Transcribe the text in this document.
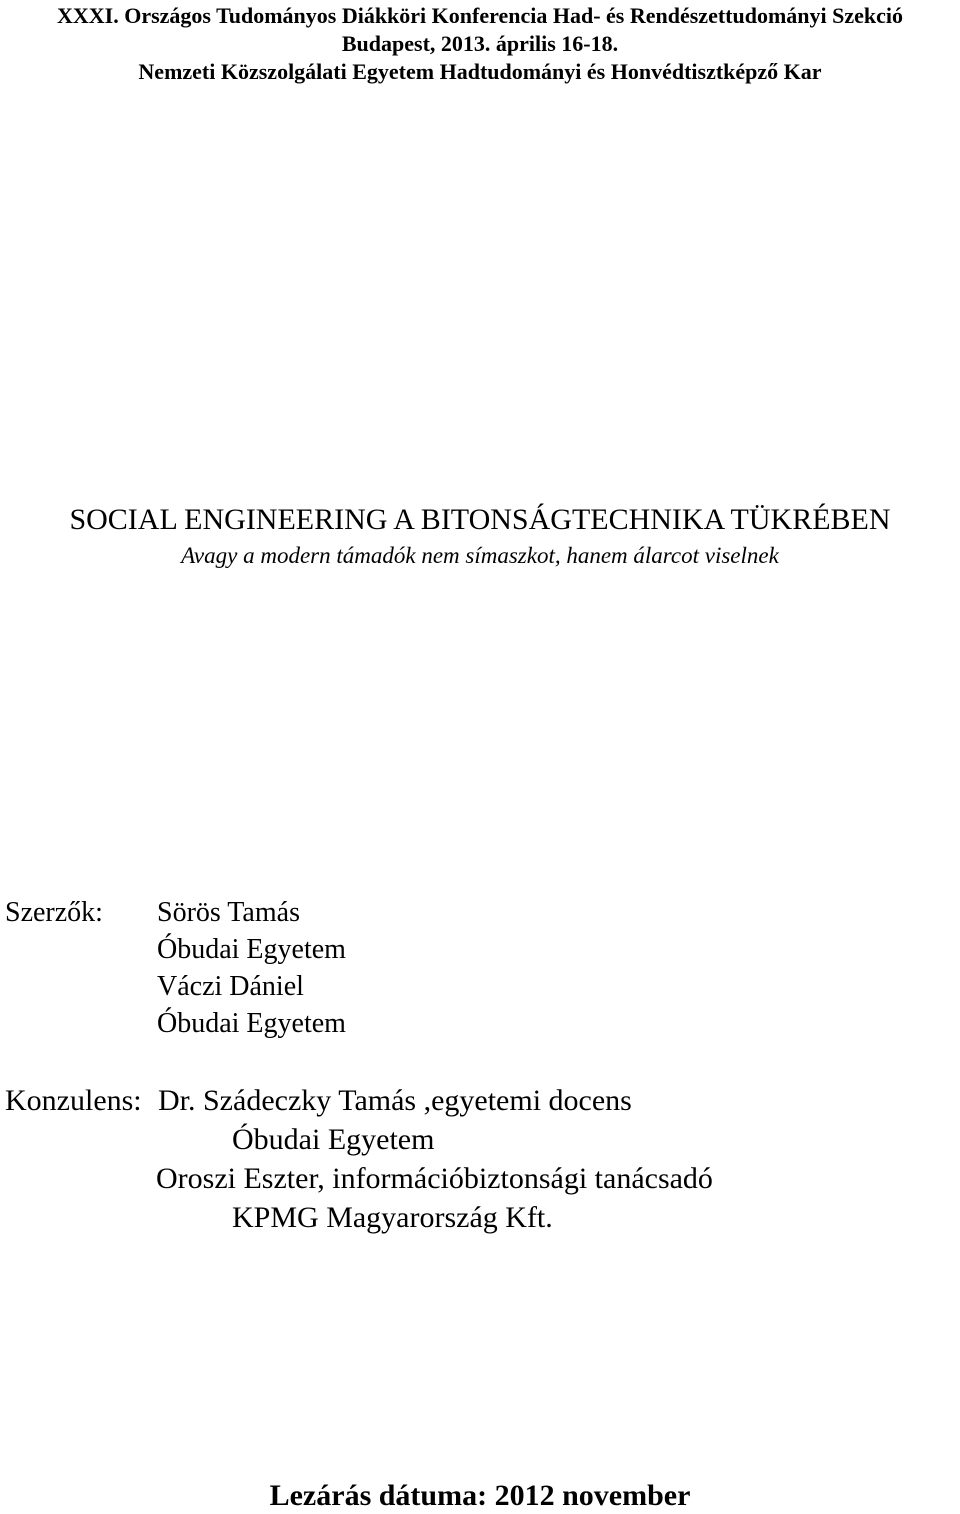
XXXI. Országos Tudományos Diákköri Konferencia Had- és Rendészettudományi Szekció
Budapest, 2013. április 16-18.
Nemzeti Közszolgálati Egyetem Hadtudományi és Honvédtisztképző Kar
SOCIAL ENGINEERING A BITONSÁGTECHNIKA TÜKRÉBEN
Avagy a modern támadók nem símaszkot, hanem álarcot viselnek
Szerzők: Sörös Tamás
Óbudai Egyetem
Váczi Dániel
Óbudai Egyetem
Konzulens: Dr. Szádeczky Tamás ,egyetemi docens
Óbudai Egyetem
Oroszi Eszter, információbiztonsági tanácsadó
KPMG Magyarország Kft.
Lezárás dátuma: 2012 november
